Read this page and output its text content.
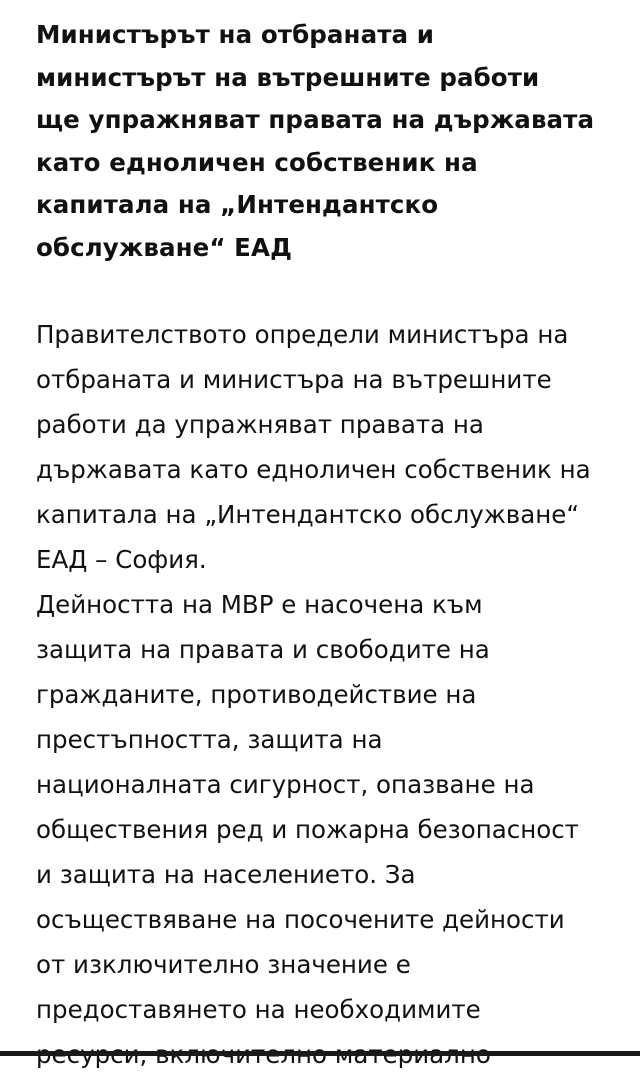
Министърът на отбраната и
министърът на вътрешните работи
ще упражняват правата на държавата
като едноличен собственик на
капитала на „Интендантско
обслужване“ ЕАД
Правителството определи министъра на
отбраната и министъра на вътрешните
работи да упражняват правата на
държавата като едноличен собственик на
капитала на „Интендантско обслужване“
ЕАД – София.
Дейността на МВР е насочена към
защита на правата и свободите на
гражданите, противодействие на
престъпността, защита на
националната сигурност, опазване на
обществения ред и пожарна безопасност
и защита на населението. За
осъществяване на посочените дейности
от изключително значение е
предоставянето на необходимите
